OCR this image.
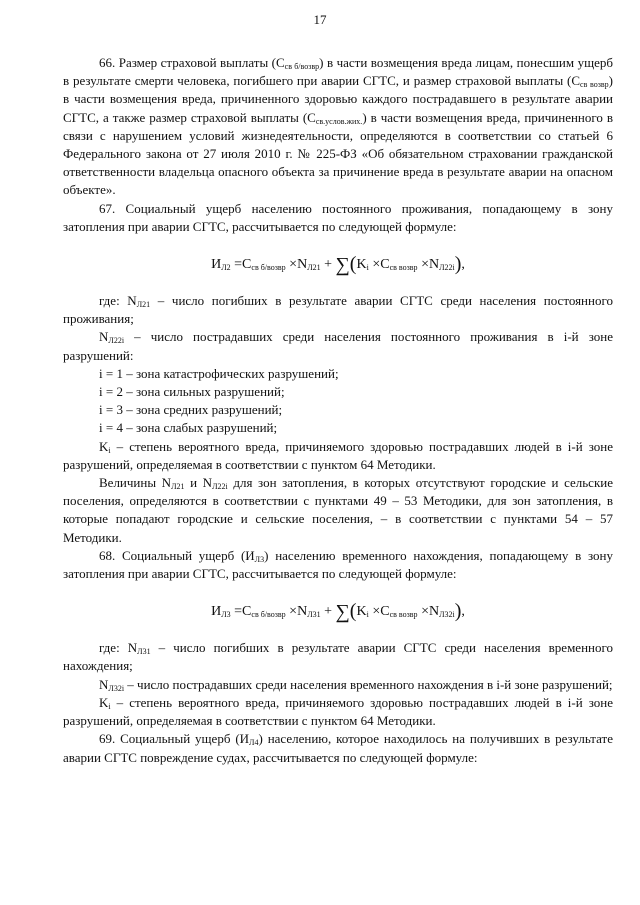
17

66. Размер страховой выплаты $(С_{св б/возвр})$ в части возмещения вреда лицам, понесшим ущерб в результате смерти человека, погибшего при аварии СГТС, и размер страховой выплаты $(С_{св возвр})$ в части возмещения вреда, причиненного здоровью каждого пострадавшего в результате аварии СГТС, а также размер страховой выплаты $(С_{св.услов.жих.})$ в части возмещения вреда, причиненного в связи с нарушением условий жизнедеятельности, определяются в соответствии со статьей 6 Федерального закона от 27 июля 2010 г. № 225-ФЗ «Об обязательном страховании гражданской ответственности владельца опасного объекта за причинение вреда в результате аварии на опасном объекте».

67. Социальный ущерб населению постоянного проживания, попадающему в зону затопления при аварии СГТС, рассчитывается по следующей формуле:

$И_{Л2} =С_{св б/возвр} \times N_{Л21} + \sum(K_i \times С_{св возвр} \times N_{Л22i})$,

где: $N_{Л21}$ – число погибших в результате аварии СГТС среди населения постоянного проживания;

$N_{Л22i}$ – число пострадавших среди населения постоянного проживания в i-й зоне разрушений:

i = 1 – зона катастрофических разрушений;

i = 2 – зона сильных разрушений;

i = 3 – зона средних разрушений;

i = 4 – зона слабых разрушений;

$K_i$ – степень вероятного вреда, причиняемого здоровью пострадавших людей в i-й зоне разрушений, определяемая в соответствии с пунктом 64 Методики.

Величины $N_{Л21}$ и $N_{Л22i}$ для зон затопления, в которых отсутствуют городские и сельские поселения, определяются в соответствии с пунктами 49 – 53 Методики, для зон затопления, в которые попадают городские и сельские поселения, – в соответствии с пунктами 54 – 57 Методики.

68. Социальный ущерб $(И_{Л3})$ населению временного нахождения, попадающему в зону затопления при аварии СГТС, рассчитывается по следующей формуле:

$И_{Л3} =С_{св б/возвр} \times N_{Л31} + \sum(K_i \times С_{св возвр} \times N_{Л32i})$,

где: $N_{Л31}$ – число погибших в результате аварии СГТС среди населения временного нахождения;

$N_{Л32i}$ – число пострадавших среди населения временного нахождения в i-й зоне разрушений;

$K_i$ – степень вероятного вреда, причиняемого здоровью пострадавших людей в i-й зоне разрушений, определяемая в соответствии с пунктом 64 Методики.

69. Социальный ущерб $(И_{Л4})$ населению, которое находилось на получивших в результате аварии СГТС повреждение судах, рассчитывается по следующей формуле:
